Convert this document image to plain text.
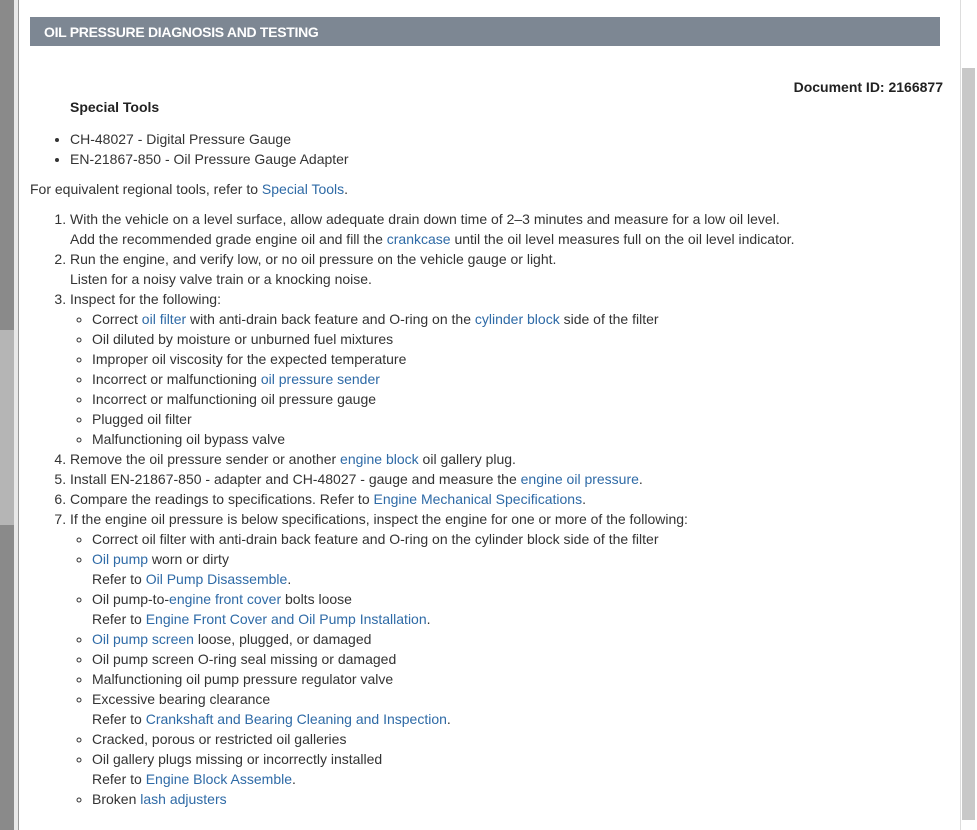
OIL PRESSURE DIAGNOSIS AND TESTING
Document ID: 2166877
Special Tools
• CH-48027 - Digital Pressure Gauge
• EN-21867-850 - Oil Pressure Gauge Adapter
For equivalent regional tools, refer to Special Tools.
1. With the vehicle on a level surface, allow adequate drain down time of 2–3 minutes and measure for a low oil level.
Add the recommended grade engine oil and fill the crankcase until the oil level measures full on the oil level indicator.
2. Run the engine, and verify low, or no oil pressure on the vehicle gauge or light.
Listen for a noisy valve train or a knocking noise.
3. Inspect for the following:
◦ Correct oil filter with anti-drain back feature and O-ring on the cylinder block side of the filter
◦ Oil diluted by moisture or unburned fuel mixtures
◦ Improper oil viscosity for the expected temperature
◦ Incorrect or malfunctioning oil pressure sender
◦ Incorrect or malfunctioning oil pressure gauge
◦ Plugged oil filter
◦ Malfunctioning oil bypass valve
4. Remove the oil pressure sender or another engine block oil gallery plug.
5. Install EN-21867-850 - adapter and CH-48027 - gauge and measure the engine oil pressure.
6. Compare the readings to specifications. Refer to Engine Mechanical Specifications.
7. If the engine oil pressure is below specifications, inspect the engine for one or more of the following:
◦ Correct oil filter with anti-drain back feature and O-ring on the cylinder block side of the filter
◦ Oil pump worn or dirty
Refer to Oil Pump Disassemble.
◦ Oil pump-to-engine front cover bolts loose
Refer to Engine Front Cover and Oil Pump Installation.
◦ Oil pump screen loose, plugged, or damaged
◦ Oil pump screen O-ring seal missing or damaged
◦ Malfunctioning oil pump pressure regulator valve
◦ Excessive bearing clearance
Refer to Crankshaft and Bearing Cleaning and Inspection.
◦ Cracked, porous or restricted oil galleries
◦ Oil gallery plugs missing or incorrectly installed
Refer to Engine Block Assemble.
◦ Broken lash adjusters
